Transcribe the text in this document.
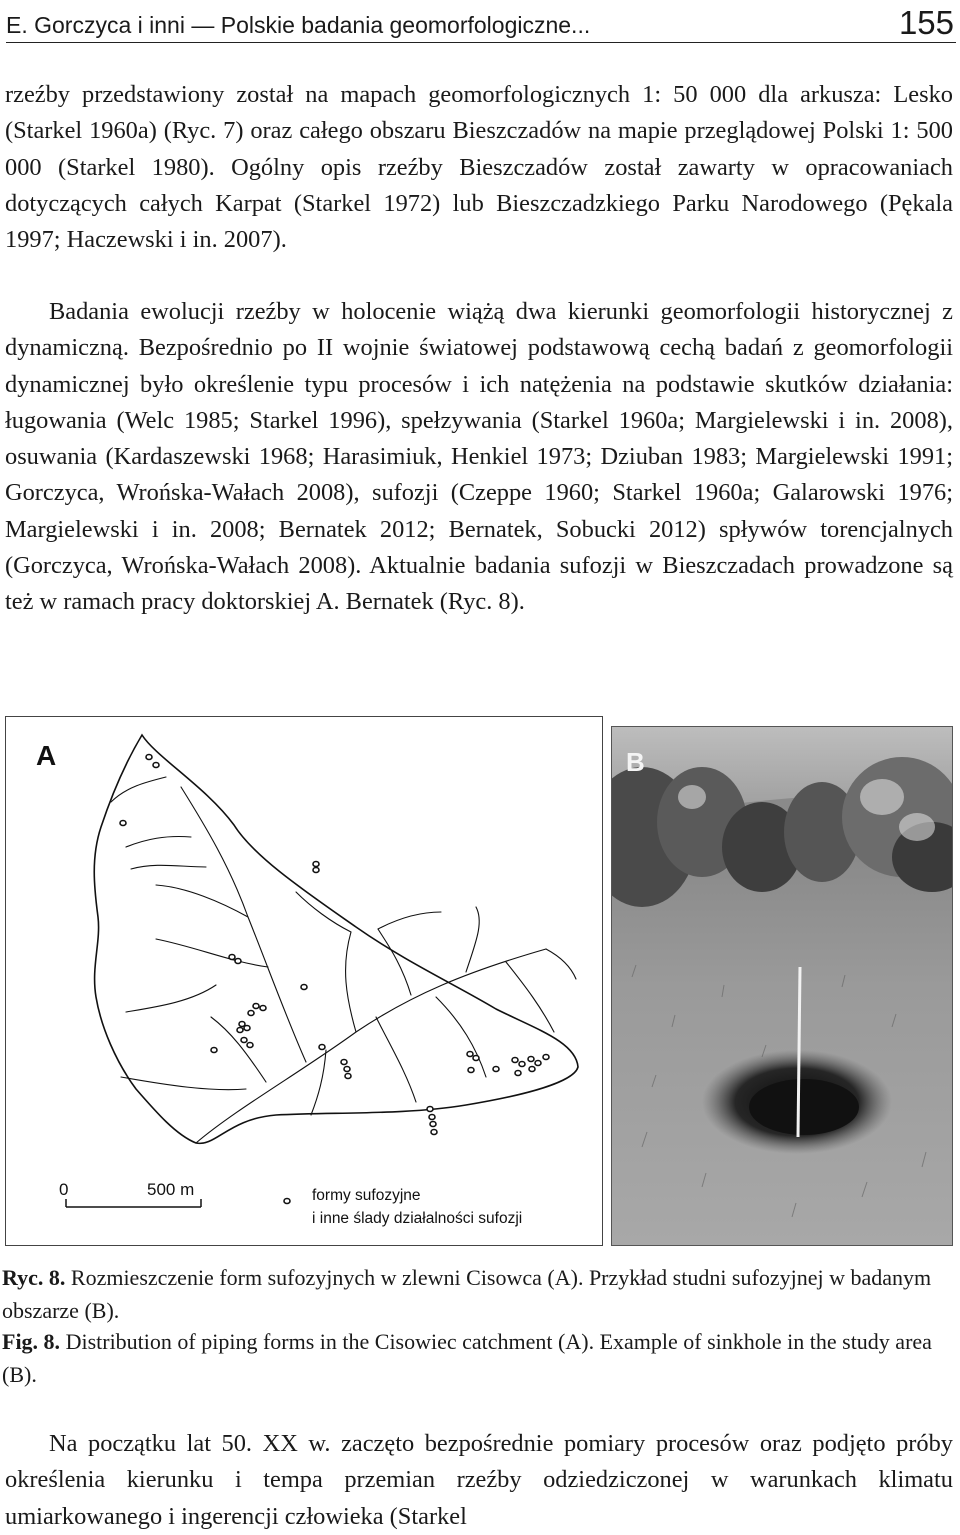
E. Gorczyca i inni — Polskie badania geomorfologiczne...	155

rzeźby przedstawiony został na mapach geomorfologicznych 1: 50 000 dla arkusza: Lesko (Starkel 1960a) (Ryc. 7) oraz całego obszaru Bieszczadów na mapie przeglądowej Polski 1: 500 000 (Starkel 1980). Ogólny opis rzeźby Bieszczadów został zawarty w opracowaniach dotyczących całych Karpat (Starkel 1972) lub Bieszczadzkiego Parku Narodowego (Pękala 1997; Haczewski i in. 2007).

Badania ewolucji rzeźby w holocenie wiążą dwa kierunki geomorfologii historycznej z dynamiczną. Bezpośrednio po II wojnie światowej podstawową cechą badań z geomorfologii dynamicznej było określenie typu procesów i ich natężenia na podstawie skutków działania: ługowania (Welc 1985; Starkel 1996), spełzywania (Starkel 1960a; Margielewski i in. 2008), osuwania (Kardaszewski 1968; Harasimiuk, Henkiel 1973; Dziuban 1983; Margielewski 1991; Gorczyca, Wrońska-Wałach 2008), sufozji (Czeppe 1960; Starkel 1960a; Galarowski 1976; Margielewski i in. 2008; Bernatek 2012; Bernatek, Sobucki 2012) spływów torencjalnych (Gorczyca, Wrońska-Wałach 2008). Aktualnie badania sufozji w Bieszczadach prowadzone są też w ramach pracy doktorskiej A. Bernatek (Ryc. 8).

A
0	500 m	formy sufozyjne
i inne ślady działalności sufozji
B

Ryc. 8. Rozmieszczenie form sufozyjnych w zlewni Cisowca (A). Przykład studni sufozyjnej w badanym obszarze (B).

Fig. 8. Distribution of piping forms in the Cisowiec catchment (A). Example of sinkhole in the study area (B).

Na początku lat 50. XX w. zaczęto bezpośrednie pomiary procesów oraz podjęto próby określenia kierunku i tempa przemian rzeźby odziedziczonej w warunkach klimatu umiarkowanego i ingerencji człowieka (Starkel
